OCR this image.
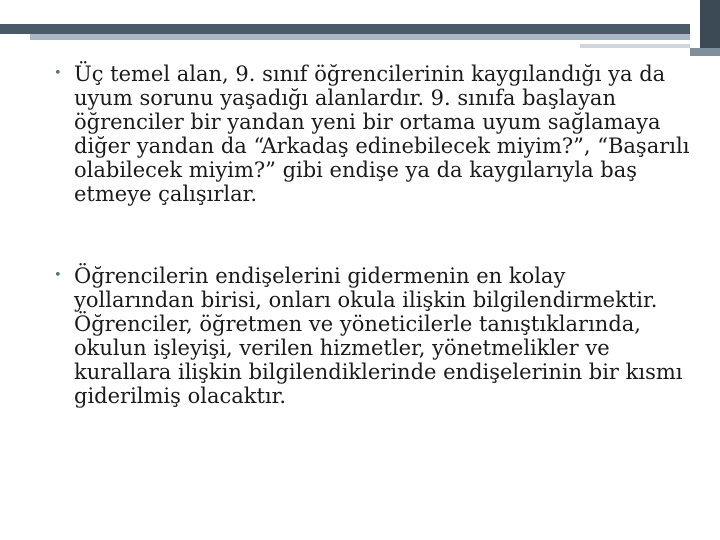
• Üç temel alan, 9. sınıf öğrencilerinin kaygılandığı ya da uyum sorunu yaşadığı alanlardır. 9. sınıfa başlayan öğrenciler bir yandan yeni bir ortama uyum sağlamaya diğer yandan da “Arkadaş edinebilecek miyim?”, “Başarılı olabilecek miyim?” gibi endişe ya da kaygılarıyla baş etmeye çalışırlar.
• Öğrencilerin endişelerini gidermenin en kolay yollarından birisi, onları okula ilişkin bilgilendirmektir. Öğrenciler, öğretmen ve yöneticilerle tanıştıklarında, okulun işleyişi, verilen hizmetler, yönetmelikler ve kurallara ilişkin bilgilendiklerinde endişelerinin bir kısmı giderilmiş olacaktır.
